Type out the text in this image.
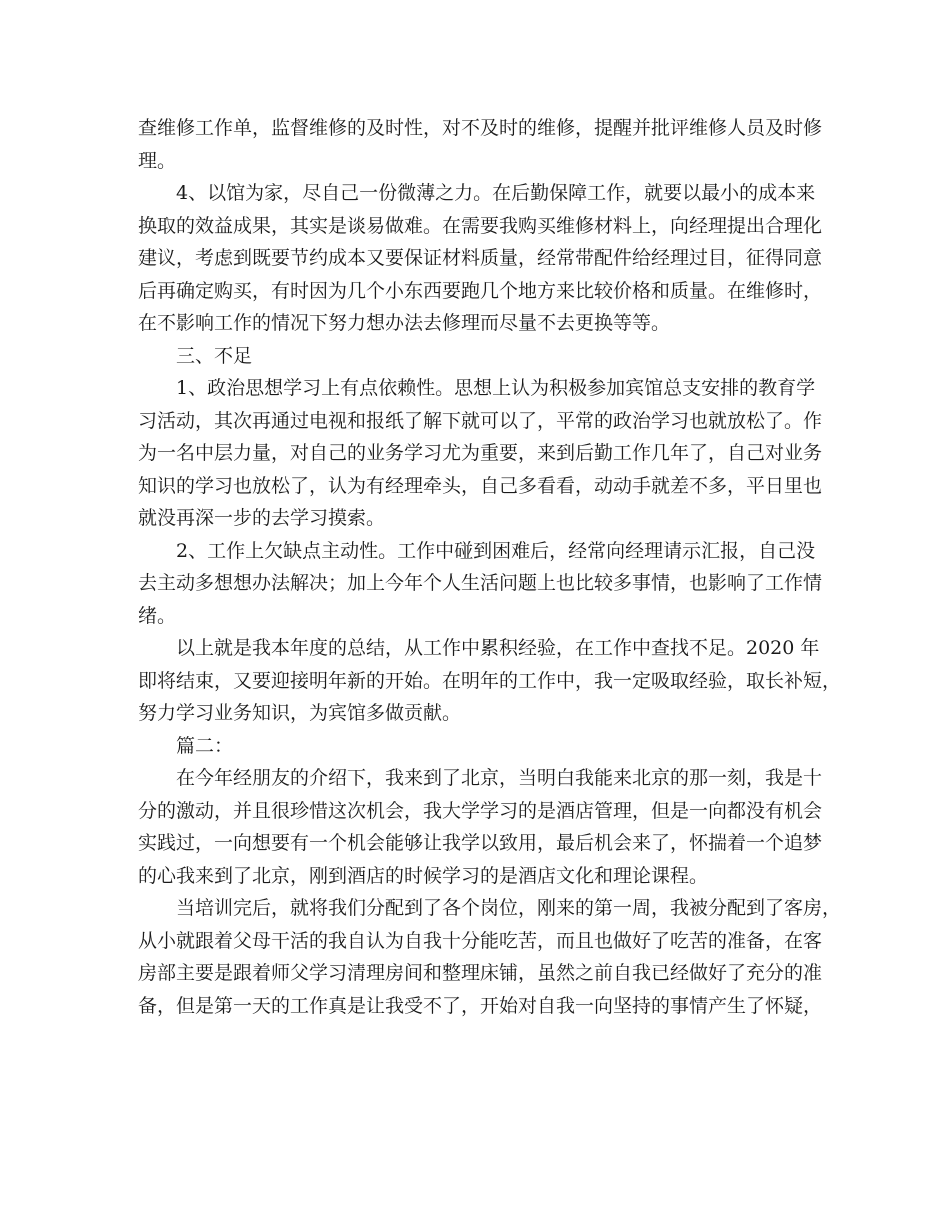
查维修工作单，监督维修的及时性，对不及时的维修，提醒并批评维修人员及时修
理。
4、以馆为家，尽自己一份微薄之力。在后勤保障工作，就要以最小的成本来
换取的效益成果，其实是谈易做难。在需要我购买维修材料上，向经理提出合理化
建议，考虑到既要节约成本又要保证材料质量，经常带配件给经理过目，征得同意
后再确定购买，有时因为几个小东西要跑几个地方来比较价格和质量。在维修时，
在不影响工作的情况下努力想办法去修理而尽量不去更换等等。
三、不足
1、政治思想学习上有点依赖性。思想上认为积极参加宾馆总支安排的教育学
习活动，其次再通过电视和报纸了解下就可以了，平常的政治学习也就放松了。作
为一名中层力量，对自己的业务学习尤为重要，来到后勤工作几年了，自己对业务
知识的学习也放松了，认为有经理牵头，自己多看看，动动手就差不多，平日里也
就没再深一步的去学习摸索。
2、工作上欠缺点主动性。工作中碰到困难后，经常向经理请示汇报，自己没
去主动多想想办法解决；加上今年个人生活问题上也比较多事情，也影响了工作情
绪。
以上就是我本年度的总结，从工作中累积经验，在工作中查找不足。2020 年
即将结束，又要迎接明年新的开始。在明年的工作中，我一定吸取经验，取长补短，
努力学习业务知识，为宾馆多做贡献。
篇二：
在今年经朋友的介绍下，我来到了北京，当明白我能来北京的那一刻，我是十
分的激动，并且很珍惜这次机会，我大学学习的是酒店管理，但是一向都没有机会
实践过，一向想要有一个机会能够让我学以致用，最后机会来了，怀揣着一个追梦
的心我来到了北京，刚到酒店的时候学习的是酒店文化和理论课程。
当培训完后，就将我们分配到了各个岗位，刚来的第一周，我被分配到了客房，
从小就跟着父母干活的我自认为自我十分能吃苦，而且也做好了吃苦的准备，在客
房部主要是跟着师父学习清理房间和整理床铺，虽然之前自我已经做好了充分的准
备，但是第一天的工作真是让我受不了，开始对自我一向坚持的事情产生了怀疑，
